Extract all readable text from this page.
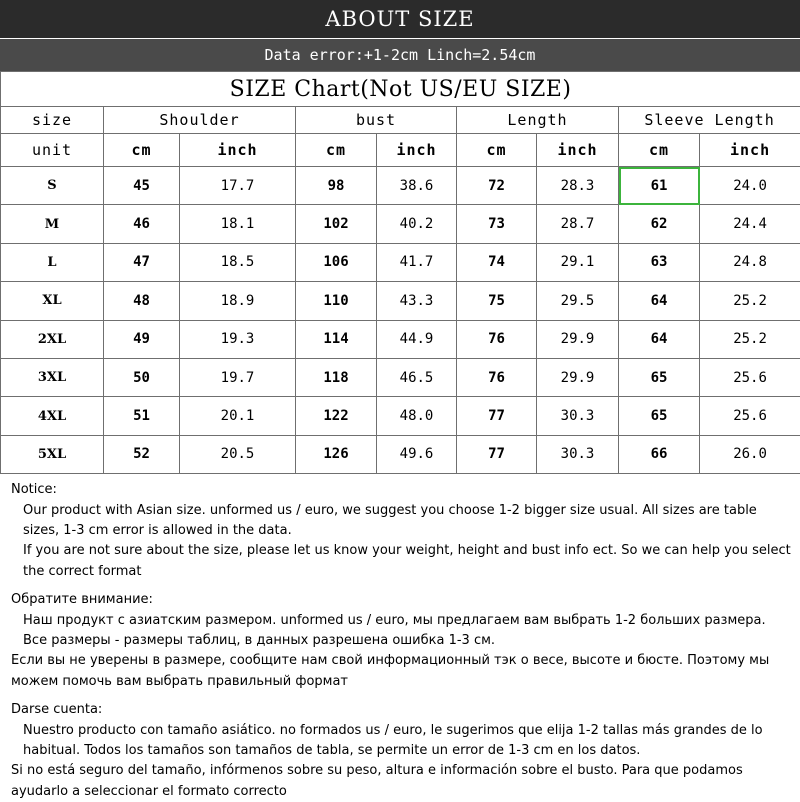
ABOUT SIZE
Data error:+1-2cm Linch=2.54cm
SIZE Chart(Not US/EU SIZE)								
size	Shoulder		bust		Length		Sleeve Length	
unit	cm	inch	cm	inch	cm	inch	cm	inch
S	45	17.7	98	38.6	72	28.3	61	24.0
M	46	18.1	102	40.2	73	28.7	62	24.4
L	47	18.5	106	41.7	74	29.1	63	24.8
XL	48	18.9	110	43.3	75	29.5	64	25.2
2XL	49	19.3	114	44.9	76	29.9	64	25.2
3XL	50	19.7	118	46.5	76	29.9	65	25.6
4XL	51	20.1	122	48.0	77	30.3	65	25.6
5XL	52	20.5	126	49.6	77	30.3	66	26.0

Notice:

Our product with Asian size. unformed us / euro, we suggest you choose 1-2 bigger size usual. All sizes are table sizes, 1-3 cm error is allowed in the data.

If you are not sure about the size, please let us know your weight, height and bust info ect. So we can help you select the correct format

Обратите внимание:

Наш продукт с азиатским размером. unformed us / euro, мы предлагаем вам выбрать 1-2 больших размера. Все размеры - размеры таблиц, в данных разрешена ошибка 1-3 см.

Если вы не уверены в размере, сообщите нам свой информационный тэк о весе, высоте и бюсте. Поэтому мы можем помочь вам выбрать правильный формат

Darse cuenta:

Nuestro producto con tamaño asiático. no formados us / euro, le sugerimos que elija 1-2 tallas más grandes de lo habitual. Todos los tamaños son tamaños de tabla, se permite un error de 1-3 cm en los datos.

Si no está seguro del tamaño, infórmenos sobre su peso, altura e información sobre el busto. Para que podamos ayudarlo a seleccionar el formato correcto
